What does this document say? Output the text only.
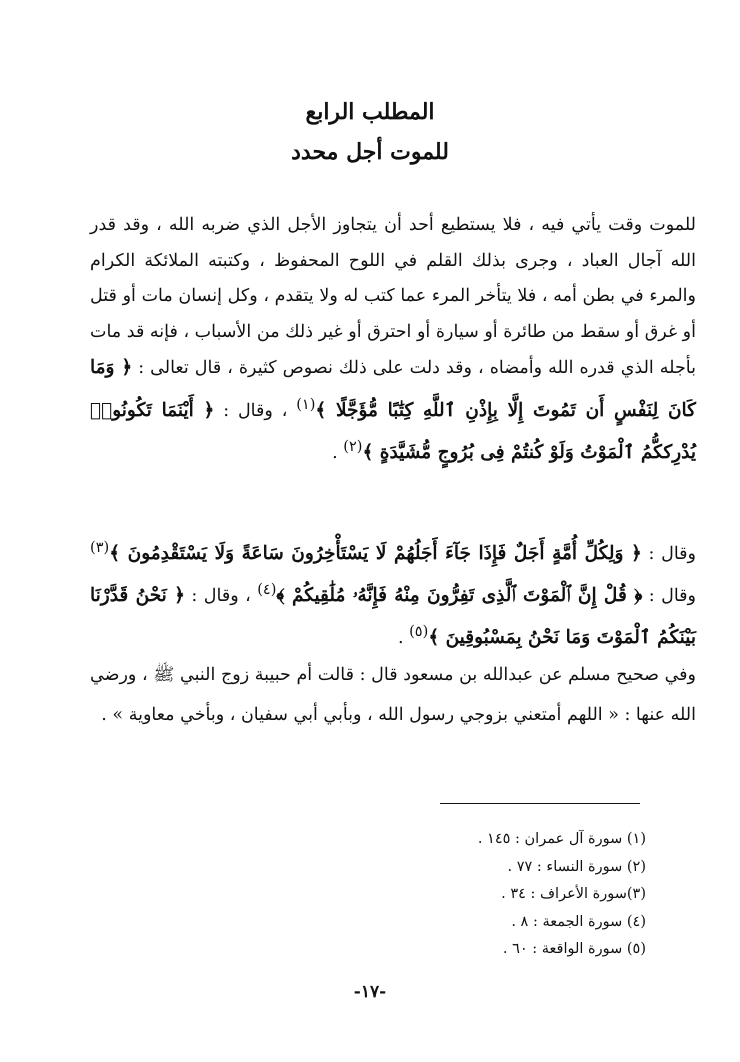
المطلب الرابع
للموت أجل محدد
للموت وقت يأتي فيه ، فلا يستطيع أحد أن يتجاوز الأجل الذي ضربه الله ، وقد قدر الله آجال العباد ، وجرى بذلك القلم في اللوح المحفوظ ، وكتبته الملائكة الكرام والمرء في بطن أمه ، فلا يتأخر المرء عما كتب له ولا يتقدم ، وكل إنسان مات أو قتل أو غرق أو سقط من طائرة أو سيارة أو احترق أو غير ذلك من الأسباب ، فإنه قد مات بأجله الذي قدره الله وأمضاه ، وقد دلت على ذلك نصوص كثيرة ، قال تعالى : ﴿ وَمَا كَانَ لِنَفْسٍ أَن تَمُوتَ إِلَّا بِإِذْنِ ٱللَّهِ كِتَٰبًا مُّؤَجَّلًا ﴾$^{(١)}$ ، وقال : ﴿ أَيْنَمَا تَكُونُوا۟ يُدْرِككُّمُ ٱلْمَوْتُ وَلَوْ كُنتُمْ فِى بُرُوجٍ مُّشَيَّدَةٍ ﴾$^{(٢)}$ .
وقال : ﴿ وَلِكُلِّ أُمَّةٍ أَجَلٌ فَإِذَا جَآءَ أَجَلُهُمْ لَا يَسْتَأْخِرُونَ سَاعَةً وَلَا يَسْتَقْدِمُونَ ﴾$^{(٣)}$ وقال : ﴿ قُلْ إِنَّ ٱلْمَوْتَ ٱلَّذِى تَفِرُّونَ مِنْهُ فَإِنَّهُۥ مُلَٰقِيكُمْ ﴾$^{(٤)}$ ، وقال : ﴿ نَحْنُ قَدَّرْنَا بَيْنَكُمُ ٱلْمَوْتَ وَمَا نَحْنُ بِمَسْبُوقِينَ ﴾$^{(٥)}$ .
وفي صحيح مسلم عن عبدالله بن مسعود قال : قالت أم حبيبة زوج النبي ﷺ ، ورضي الله عنها : « اللهم أمتعني بزوجي رسول الله ، وبأبي أبي سفيان ، وبأخي معاوية » .
(١) سورة آل عمران : ١٤٥ .
(٢) سورة النساء : ٧٧ .
(٣)سورة الأعراف : ٣٤ .
(٤) سورة الجمعة : ٨ .
(٥) سورة الواقعة : ٦٠ .
-١٧-
